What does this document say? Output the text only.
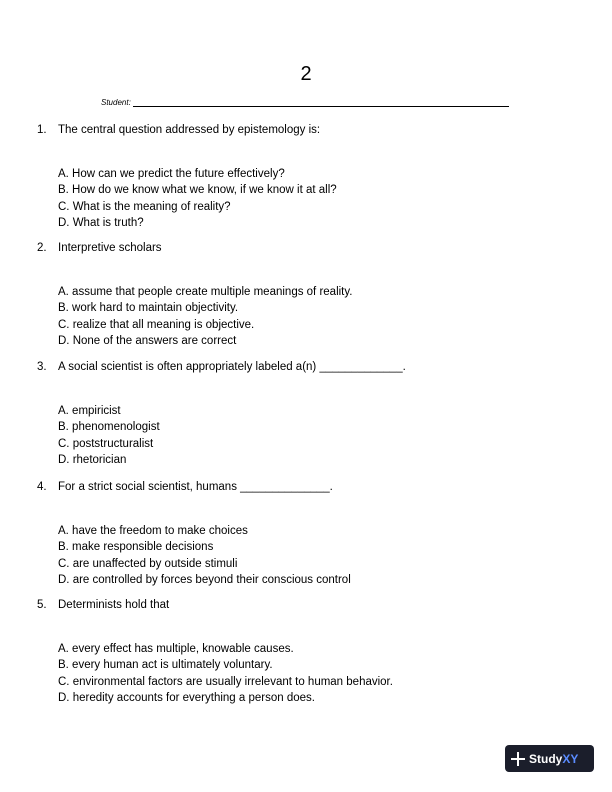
2
Student:
1. The central question addressed by epistemology is:
A. How can we predict the future effectively?
B. How do we know what we know, if we know it at all?
C. What is the meaning of reality?
D. What is truth?
2. Interpretive scholars
A. assume that people create multiple meanings of reality.
B. work hard to maintain objectivity.
C. realize that all meaning is objective.
D. None of the answers are correct
3. A social scientist is often appropriately labeled a(n) _____________.
A. empiricist
B. phenomenologist
C. poststructuralist
D. rhetorician
4. For a strict social scientist, humans ______________.
A. have the freedom to make choices
B. make responsible decisions
C. are unaffected by outside stimuli
D. are controlled by forces beyond their conscious control
5. Determinists hold that
A. every effect has multiple, knowable causes.
B. every human act is ultimately voluntary.
C. environmental factors are usually irrelevant to human behavior.
D. heredity accounts for everything a person does.
Study XY
